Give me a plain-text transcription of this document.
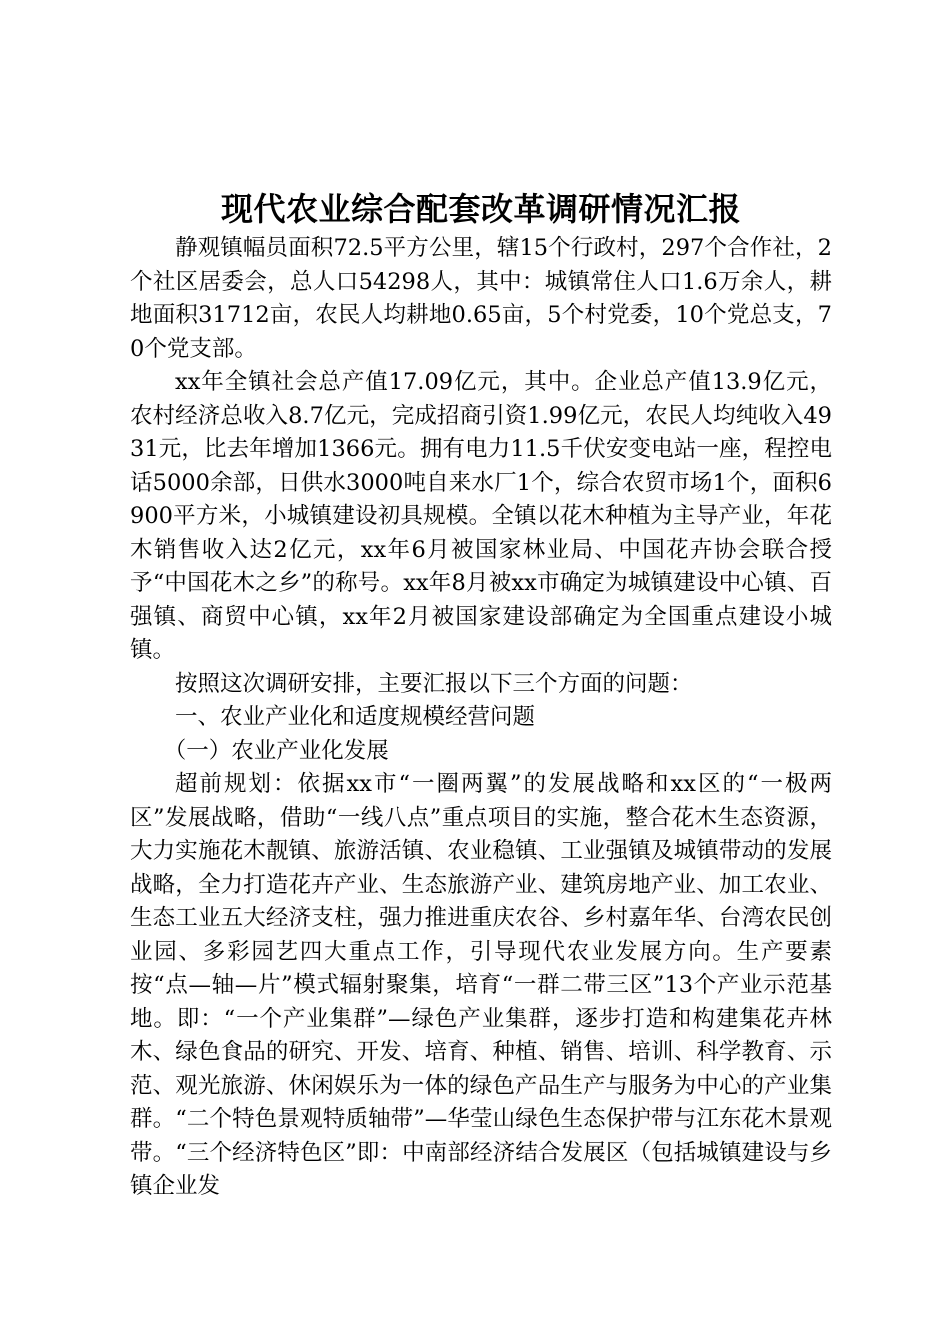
现代农业综合配套改革调研情况汇报

静观镇幅员面积72.5平方公里，辖15个行政村，297个合作社，2个社区居委会，总人口54298人，其中：城镇常住人口1.6万余人，耕地面积31712亩，农民人均耕地0.65亩，5个村党委，10个党总支，70个党支部。

xx年全镇社会总产值17.09亿元，其中。企业总产值13.9亿元，农村经济总收入8.7亿元，完成招商引资1.99亿元，农民人均纯收入4931元，比去年增加1366元。拥有电力11.5千伏安变电站一座，程控电话5000余部，日供水3000吨自来水厂1个，综合农贸市场1个，面积6900平方米，小城镇建设初具规模。全镇以花木种植为主导产业，年花木销售收入达2亿元，xx年6月被国家林业局、中国花卉协会联合授予“中国花木之乡”的称号。xx年8月被xx市确定为城镇建设中心镇、百强镇、商贸中心镇，xx年2月被国家建设部确定为全国重点建设小城镇。

按照这次调研安排，主要汇报以下三个方面的问题：

一、农业产业化和适度规模经营问题

（一）农业产业化发展

超前规划：依据xx市“一圈两翼”的发展战略和xx区的“一极两区”发展战略，借助“一线八点”重点项目的实施，整合花木生态资源，大力实施花木靓镇、旅游活镇、农业稳镇、工业强镇及城镇带动的发展战略，全力打造花卉产业、生态旅游产业、建筑房地产业、加工农业、生态工业五大经济支柱，强力推进重庆农谷、乡村嘉年华、台湾农民创业园、多彩园艺四大重点工作，引导现代农业发展方向。生产要素按“点—轴—片”模式辐射聚集，培育“一群二带三区”13个产业示范基地。即：“一个产业集群”—绿色产业集群，逐步打造和构建集花卉林木、绿色食品的研究、开发、培育、种植、销售、培训、科学教育、示范、观光旅游、休闲娱乐为一体的绿色产品生产与服务为中心的产业集群。“二个特色景观特质轴带”—华莹山绿色生态保护带与江东花木景观带。“三个经济特色区”即：中南部经济结合发展区（包括城镇建设与乡镇企业发
